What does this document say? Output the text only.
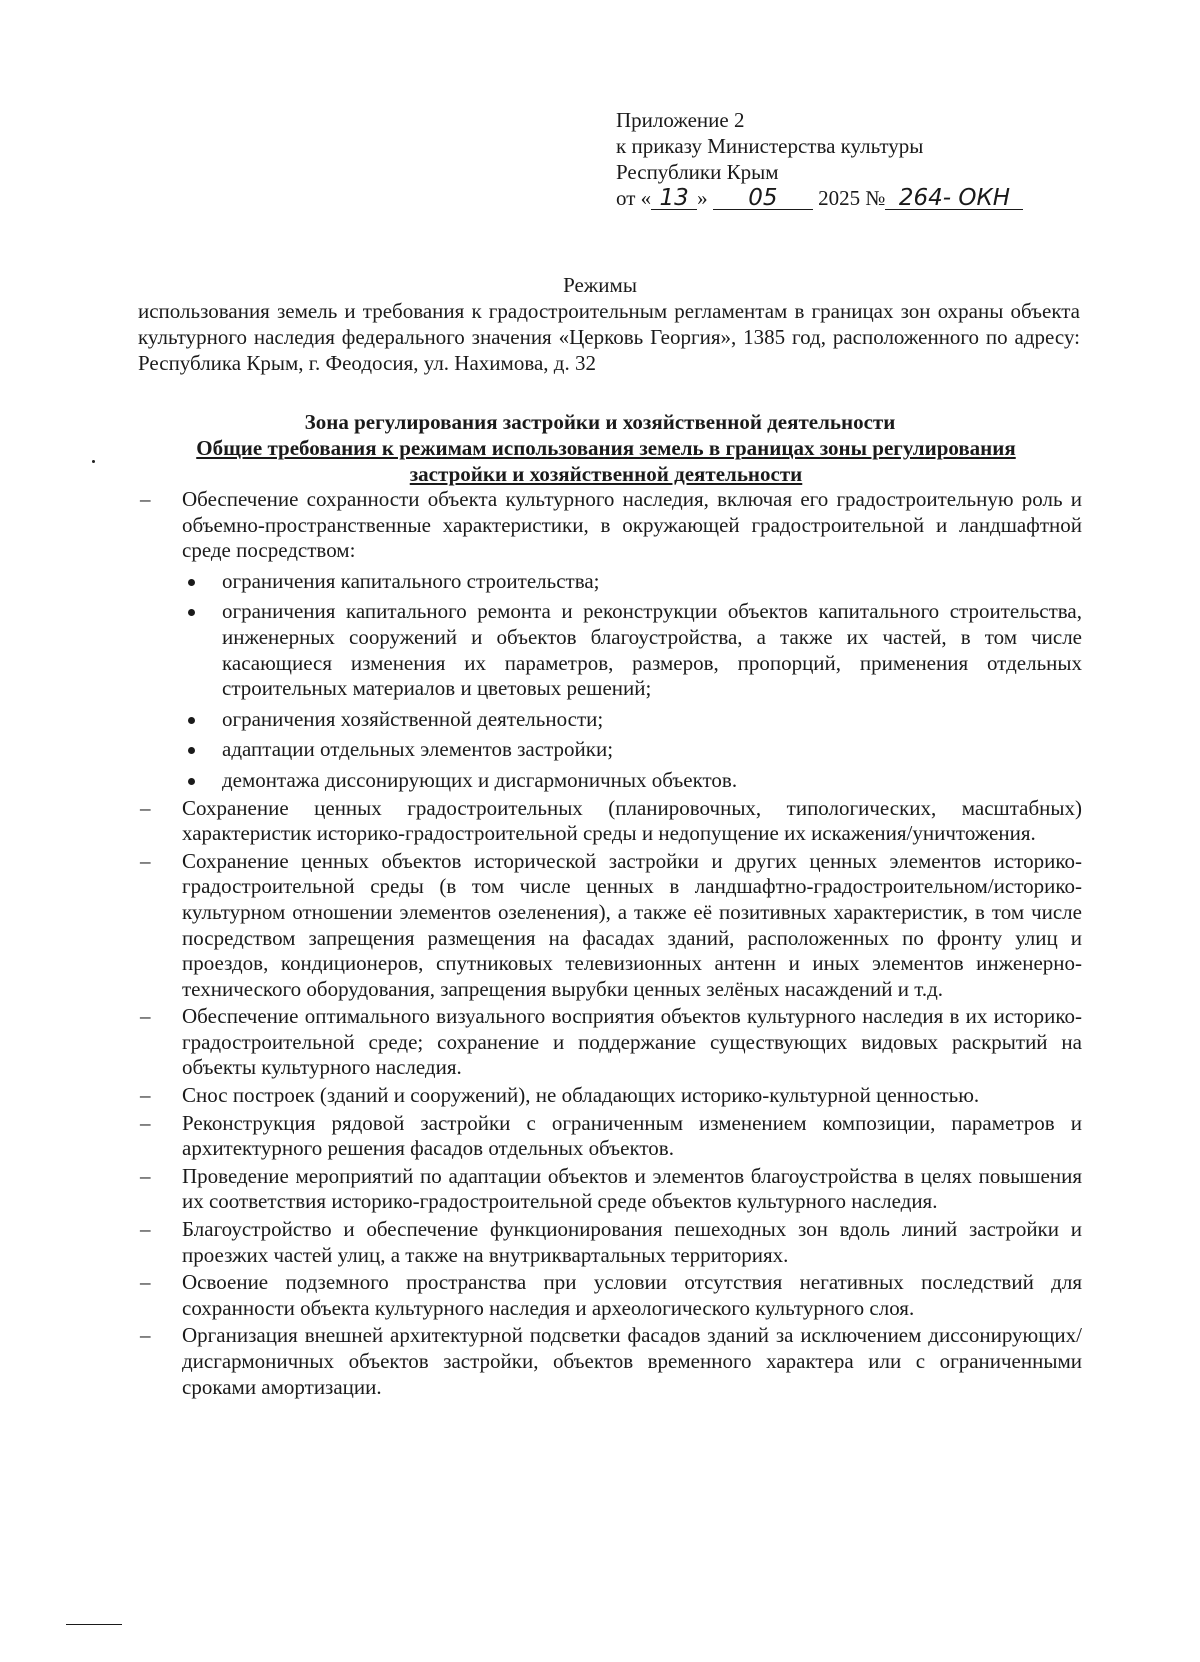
Приложение 2
к приказу Министерства культуры
Республики Крым
от « 13 » 05 2025 № 264- ОКН
Режимы
использования земель и требования к градостроительным регламентам в границах зон охраны объекта культурного наследия федерального значения «Церковь Георгия», 1385 год, расположенного по адресу: Республика Крым, г. Феодосия, ул. Нахимова, д. 32
Зона регулирования застройки и хозяйственной деятельности
Общие требования к режимам использования земель в границах зоны регулирования застройки и хозяйственной деятельности
– Обеспечение сохранности объекта культурного наследия, включая его градостроительную роль и объемно-пространственные характеристики, в окружающей градостроительной и ландшафтной среде посредством:
ограничения капитального строительства;
ограничения капитального ремонта и реконструкции объектов капитального строительства, инженерных сооружений и объектов благоустройства, а также их частей, в том числе касающиеся изменения их параметров, размеров, пропорций, применения отдельных строительных материалов и цветовых решений;
ограничения хозяйственной деятельности;
адаптации отдельных элементов застройки;
демонтажа диссонирующих и дисгармоничных объектов.
– Сохранение ценных градостроительных (планировочных, типологических, масштабных) характеристик историко-градостроительной среды и недопущение их искажения/уничтожения.
– Сохранение ценных объектов исторической застройки и других ценных элементов историко-градостроительной среды (в том числе ценных в ландшафтно-градостроительном/историко-культурном отношении элементов озеленения), а также её позитивных характеристик, в том числе посредством запрещения размещения на фасадах зданий, расположенных по фронту улиц и проездов, кондиционеров, спутниковых телевизионных антенн и иных элементов инженерно-технического оборудования, запрещения вырубки ценных зелёных насаждений и т.д.
– Обеспечение оптимального визуального восприятия объектов культурного наследия в их историко-градостроительной среде; сохранение и поддержание существующих видовых раскрытий на объекты культурного наследия.
– Снос построек (зданий и сооружений), не обладающих историко-культурной ценностью.
– Реконструкция рядовой застройки с ограниченным изменением композиции, параметров и архитектурного решения фасадов отдельных объектов.
– Проведение мероприятий по адаптации объектов и элементов благоустройства в целях повышения их соответствия историко-градостроительной среде объектов культурного наследия.
– Благоустройство и обеспечение функционирования пешеходных зон вдоль линий застройки и проезжих частей улиц, а также на внутриквартальных территориях.
– Освоение подземного пространства при условии отсутствия негативных последствий для сохранности объекта культурного наследия и археологического культурного слоя.
– Организация внешней архитектурной подсветки фасадов зданий за исключением диссонирующих/дисгармоничных объектов застройки, объектов временного характера или с ограниченными сроками амортизации.
